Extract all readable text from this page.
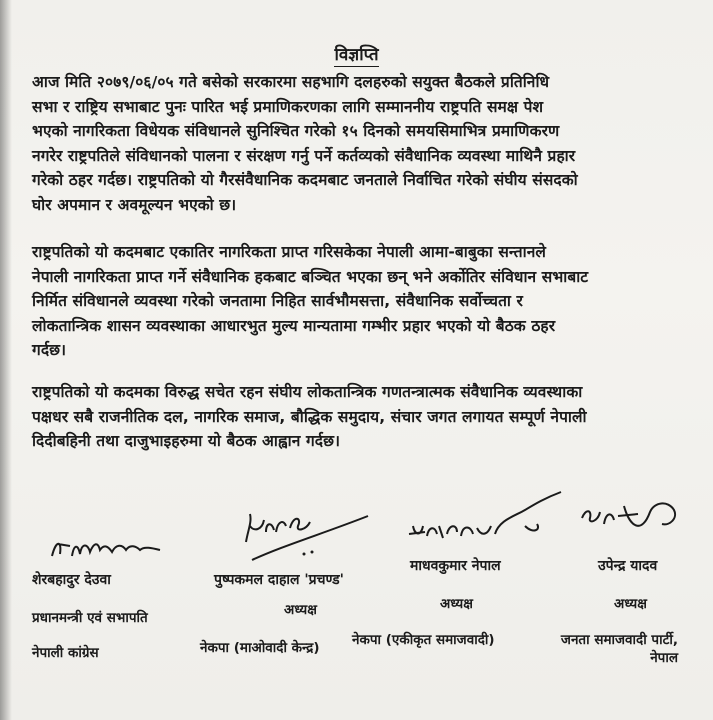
विज्ञप्ति
आज मिति २०७९/०६/०५ गते बसेको सरकारमा सहभागि दलहरुको सयुक्त बैठकले प्रतिनिधि
सभा र राष्ट्रिय सभाबाट पुनः पारित भई प्रमाणिकरणका लागि सम्माननीय राष्ट्रपति समक्ष पेश
भएको नागरिकता विधेयक संविधानले सुनिश्चित गरेको १५ दिनको समयसिमाभित्र प्रमाणिकरण
नगरेर राष्ट्रपतिले संविधानको पालना र संरक्षण गर्नु पर्ने कर्तव्यको संवैधानिक व्यवस्था माथिनै प्रहार
गरेको ठहर गर्दछ। राष्ट्रपतिको यो गैरसंवैधानिक कदमबाट जनताले निर्वाचित गरेको संघीय संसदको
घोर अपमान र अवमूल्यन भएको छ।
राष्ट्रपतिको यो कदमबाट एकातिर नागरिकता प्राप्त गरिसकेका नेपाली आमा-बाबुका सन्तानले
नेपाली नागरिकता प्राप्त गर्ने संवैधानिक हकबाट बञ्चित भएका छन् भने अर्कोतिर संविधान सभाबाट
निर्मित संविधानले व्यवस्था गरेको जनतामा निहित सार्वभौमसत्ता, संवैधानिक सर्वोच्चता र
लोकतान्त्रिक शासन व्यवस्थाका आधारभुत मुल्य मान्यतामा गम्भीर प्रहार भएको यो बैठक ठहर
गर्दछ।
राष्ट्रपतिको यो कदमका विरुद्ध सचेत रहन संघीय लोकतान्त्रिक गणतन्त्रात्मक संवैधानिक व्यवस्थाका
पक्षधर सबै राजनीतिक दल, नागरिक समाज, बौद्धिक समुदाय, संचार जगत लगायत सम्पूर्ण नेपाली
दिदीबहिनी तथा दाजुभाइहरुमा यो बैठक आह्वान गर्दछ।
शेरबहादुर देउवा
प्रधानमन्त्री एवं सभापति
नेपाली कांग्रेस
पुष्पकमल दाहाल 'प्रचण्ड'
अध्यक्ष
नेकपा (माओवादी केन्द्र)
माधवकुमार नेपाल
अध्यक्ष
नेकपा (एकीकृत समाजवादी)
उपेन्द्र यादव
अध्यक्ष
जनता समाजवादी पार्टी,
नेपाल
